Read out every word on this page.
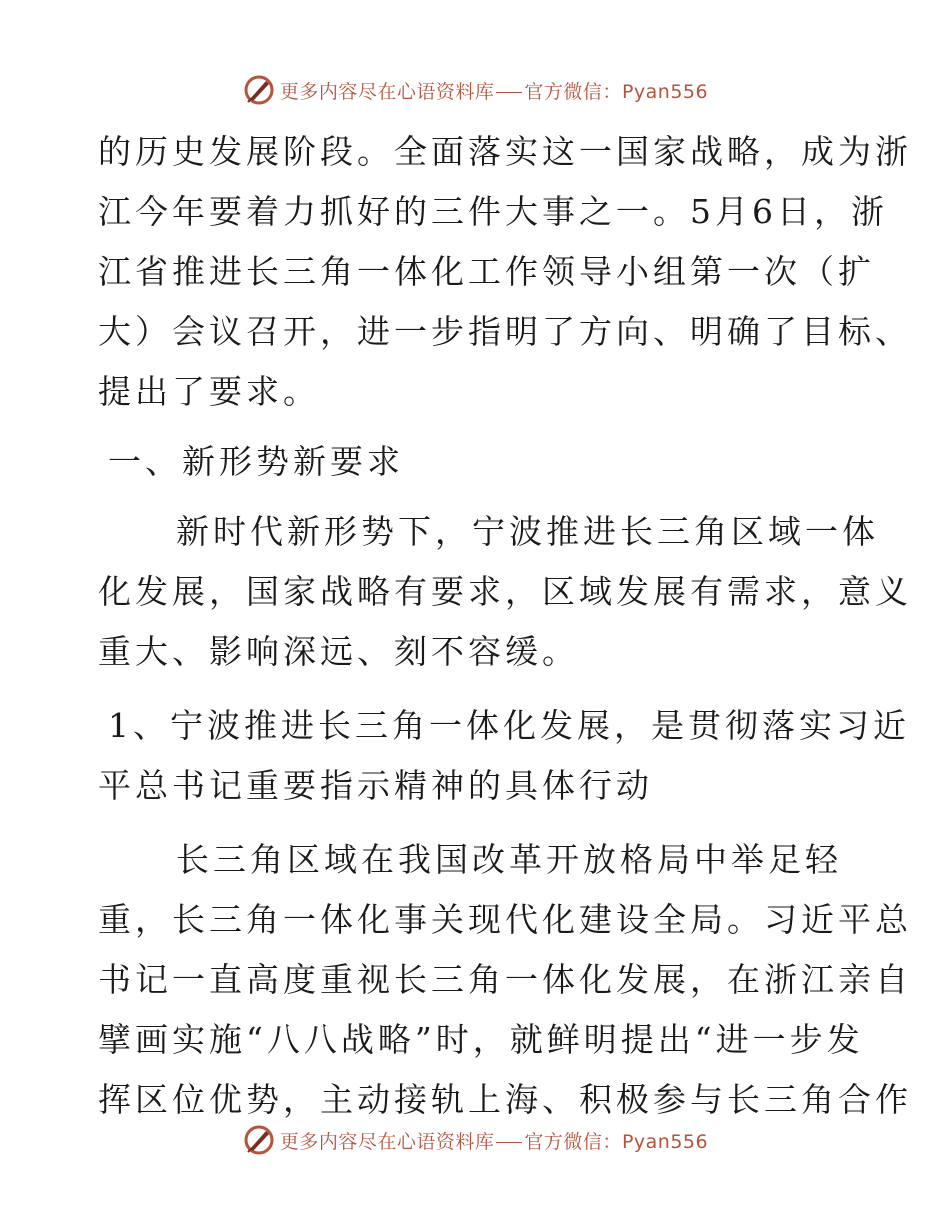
更多内容尽在心语资料库 官方微信：Pyan556

的历史发展阶段。全面落实这一国家战略，成为浙

江今年要着力抓好的三件大事之一。5月6日，浙

江省推进长三角一体化工作领导小组第一次（扩

大）会议召开，进一步指明了方向、明确了目标、

提出了要求。

一、新形势新要求

新时代新形势下，宁波推进长三角区域一体

化发展，国家战略有要求，区域发展有需求，意义

重大、影响深远、刻不容缓。

1、宁波推进长三角一体化发展，是贯彻落实习近

平总书记重要指示精神的具体行动

长三角区域在我国改革开放格局中举足轻

重，长三角一体化事关现代化建设全局。习近平总

书记一直高度重视长三角一体化发展，在浙江亲自

擘画实施“八八战略”时，就鲜明提出“进一步发

挥区位优势，主动接轨上海、积极参与长三角合作

更多内容尽在心语资料库 官方微信：Pyan556
